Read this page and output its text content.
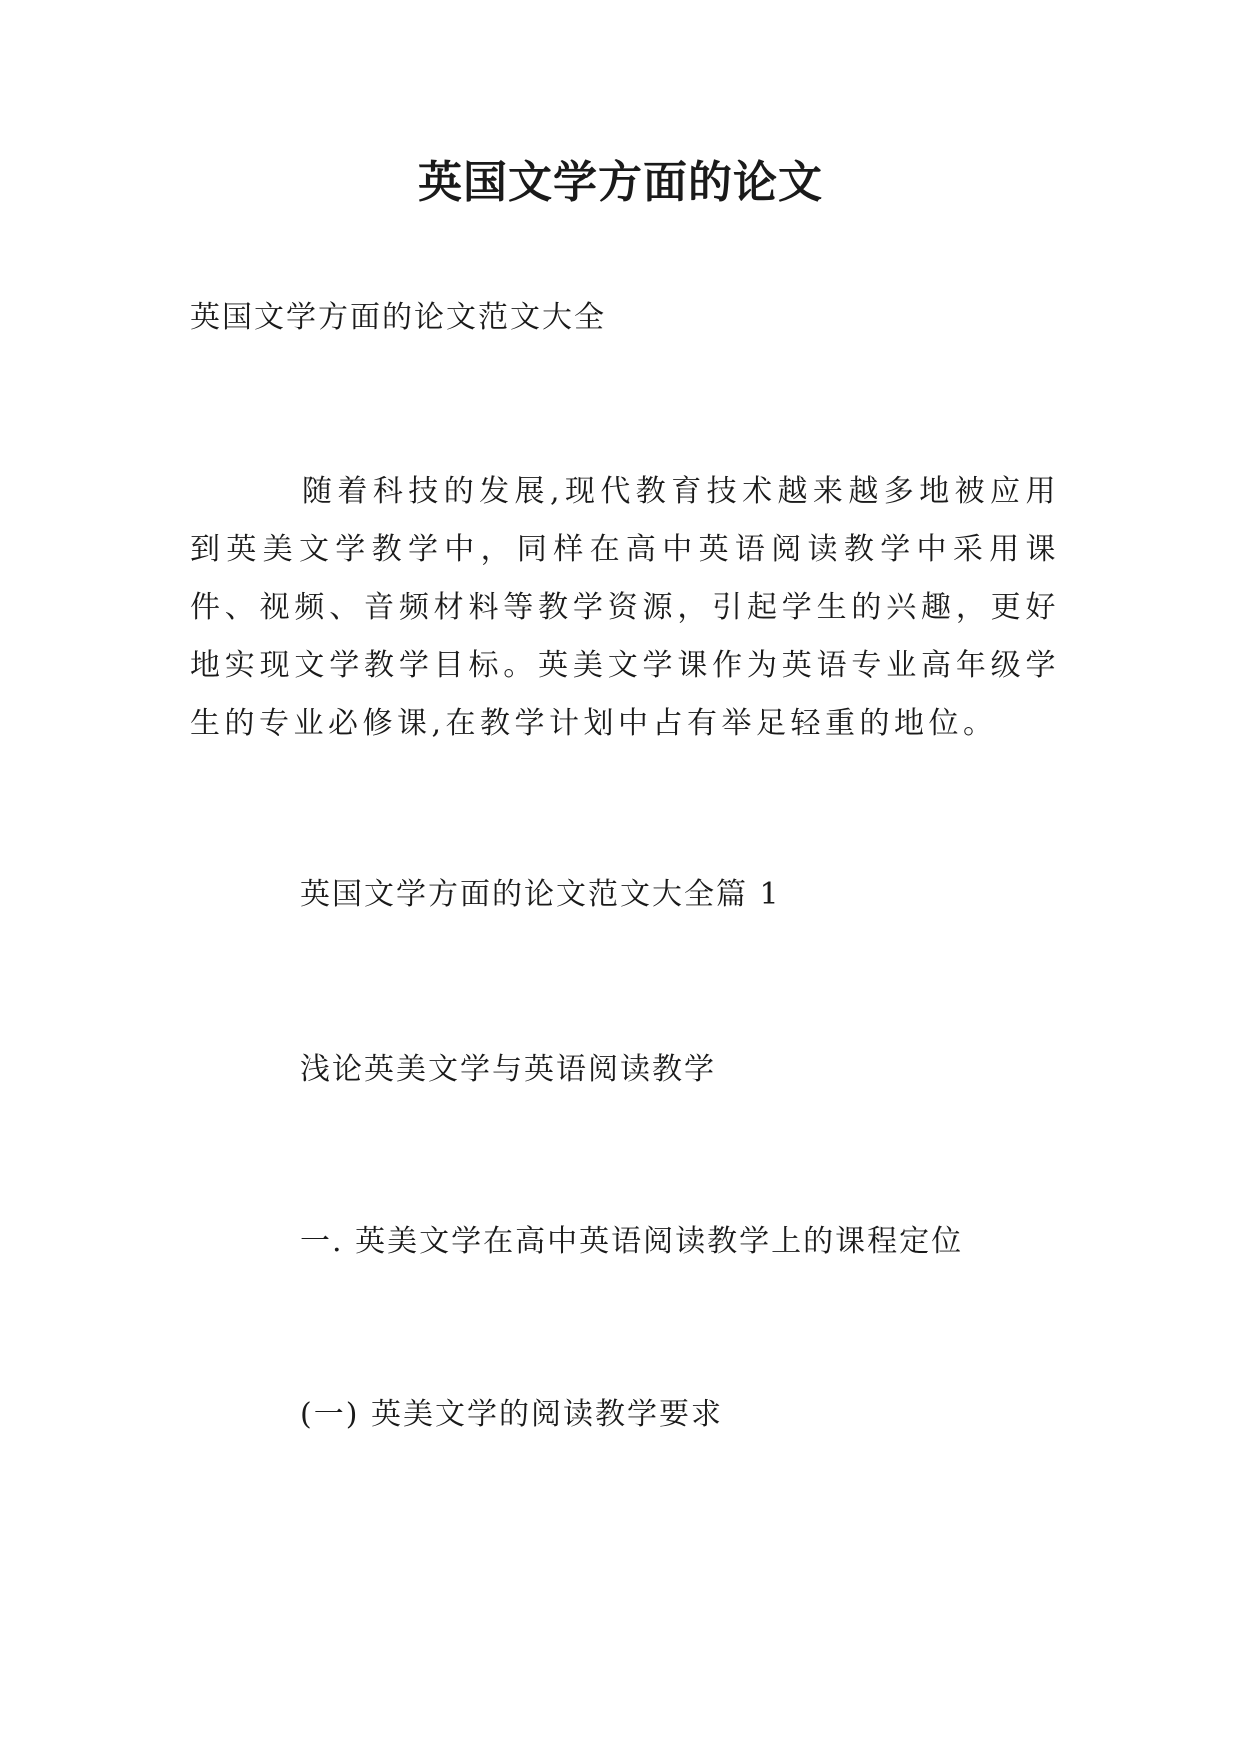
英国文学方面的论文
英国文学方面的论文范文大全
随着科技的发展,现代教育技术越来越多地被应用到英美文学教学中，同样在高中英语阅读教学中采用课件、视频、音频材料等教学资源，引起学生的兴趣，更好地实现文学教学目标。英美文学课作为英语专业高年级学生的专业必修课,在教学计划中占有举足轻重的地位。
英国文学方面的论文范文大全篇 1
浅论英美文学与英语阅读教学
一. 英美文学在高中英语阅读教学上的课程定位
(一) 英美文学的阅读教学要求
